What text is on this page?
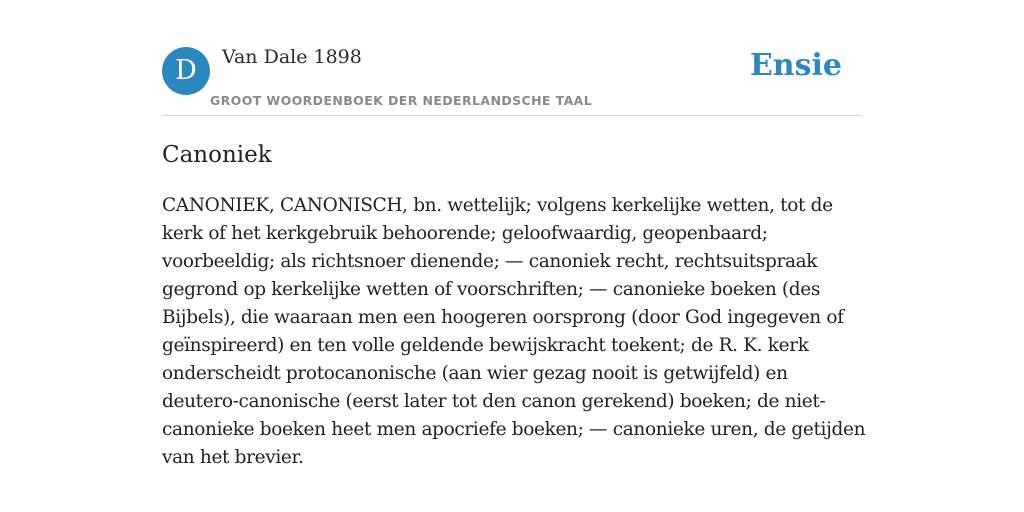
D	Van Dale 1898
GROOT WOORDENBOEK DER NEDERLANDSCHE TAAL
Ensie
Canoniek

CANONIEK, CANONISCH, bn. wettelijk; volgens kerkelijke wetten, tot de kerk of het kerkgebruik behoorende; geloofwaardig, geopenbaard; voorbeeldig; als richtsnoer dienende; — canoniek recht, rechtsuitspraak gegrond op kerkelijke wetten of voorschriften; — canonieke boeken (des Bijbels), die waaraan men een hoogeren oorsprong (door God ingegeven of geïnspireerd) en ten volle geldende bewijskracht toekent; de R. K. kerk onderscheidt protocanonische (aan wier gezag nooit is getwijfeld) en deutero-canonische (eerst later tot den canon gerekend) boeken; de niet-canonieke boeken heet men apocriefe boeken; — canonieke uren, de getijden van het brevier.
